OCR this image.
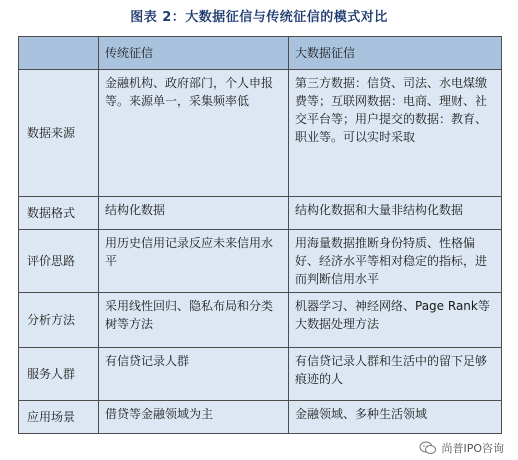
图表 2：大数据征信与传统征信的模式对比
	传统征信	大数据征信
数据来源	金融机构、政府部门，个人申报等。来源单一，采集频率低	第三方数据：信贷、司法、水电煤缴费等；互联网数据：电商、理财、社交平台等；用户提交的数据：教育、职业等。可以实时采取
数据格式	结构化数据	结构化数据和大量非结构化数据
评价思路	用历史信用记录反应未来信用水平	用海量数据推断身份特质、性格偏好、经济水平等相对稳定的指标，进而判断信用水平
分析方法	采用线性回归、隐私布局和分类树等方法	机器学习、神经网络、Page Rank等大数据处理方法
服务人群	有信贷记录人群	有信贷记录人群和生活中的留下足够痕迹的人
应用场景	借贷等金融领域为主	金融领域、多种生活领域
尚普IPO咨询
